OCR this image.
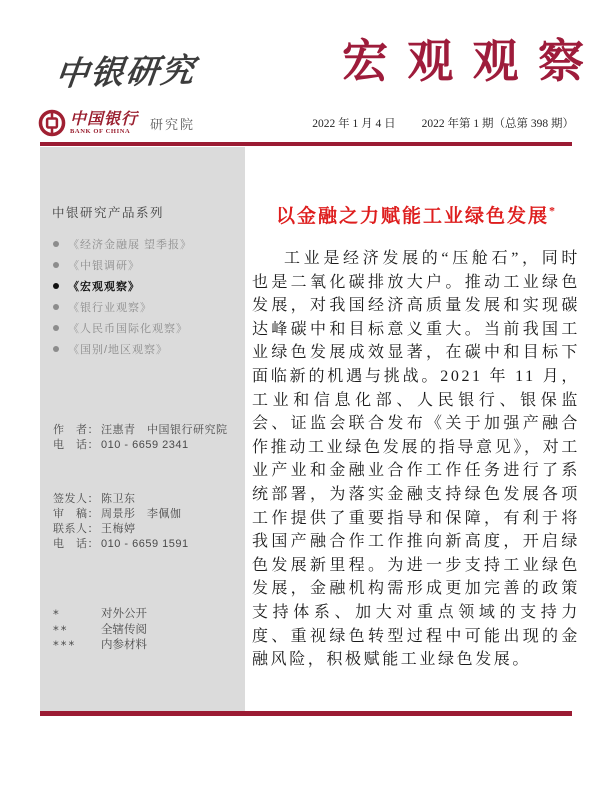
中银研究	宏观观察
中国银行
BANK OF CHINA	研究院	2022 年 1 月 4 日 2022 年第 1 期（总第 398 期）
中银研究产品系列
《经济金融展 望季报》
《中银调研》
《宏观观察》
《银行业观察》
《人民币国际化观察》
《国别/地区观察》
作　者： 汪惠青　中国银行研究院
电　话： 010 - 6659 2341
签发人： 陈卫东
审　稿： 周景彤　李佩伽
联系人： 王梅婷
电　话： 010 - 6659 1591
*	对外公开
**	全辖传阅
***	内参材料
以金融之力赋能工业绿色发展*

工业是经济发展的“压舱石”，同时也是二氧化碳排放大户。推动工业绿色发展，对我国经济高质量发展和实现碳达峰碳中和目标意义重大。当前我国工业绿色发展成效显著，在碳中和目标下面临新的机遇与挑战。2021 年 11 月，工业和信息化部、人民银行、银保监会、证监会联合发布《关于加强产融合作推动工业绿色发展的指导意见》，对工业产业和金融业合作工作任务进行了系统部署，为落实金融支持绿色发展各项工作提供了重要指导和保障，有利于将我国产融合作工作推向新高度，开启绿色发展新里程。为进一步支持工业绿色发展，金融机构需形成更加完善的政策支持体系、加大对重点领域的支持力度、重视绿色转型过程中可能出现的金融风险，积极赋能工业绿色发展。
